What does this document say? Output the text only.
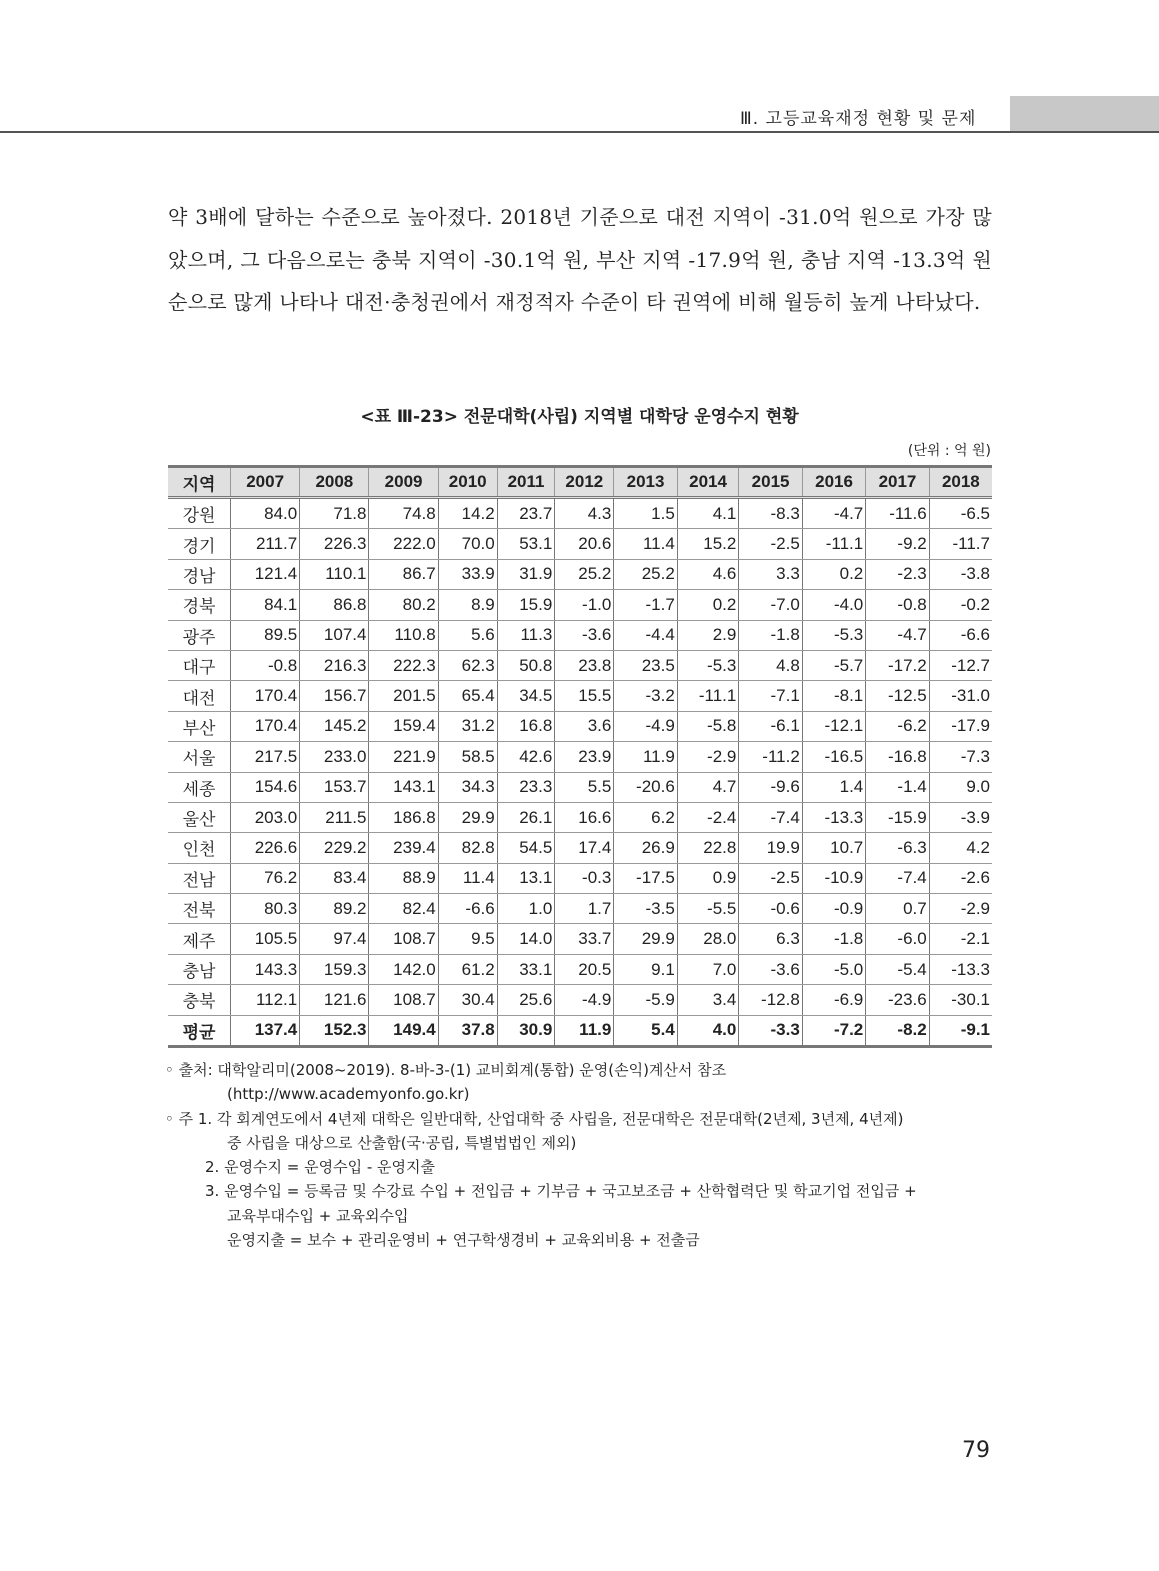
Ⅲ. 고등교육재정 현황 및 문제
약 3배에 달하는 수준으로 높아졌다. 2018년 기준으로 대전 지역이 -31.0억 원으로 가장 많았으며, 그 다음으로는 충북 지역이 -30.1억 원, 부산 지역 -17.9억 원, 충남 지역 -13.3억 원 순으로 많게 나타나 대전·충청권에서 재정적자 수준이 타 권역에 비해 월등히 높게 나타났다.
<표 Ⅲ-23> 전문대학(사립) 지역별 대학당 운영수지 현황
(단위 : 억 원)
지역	2007	2008	2009	2010	2011	2012	2013	2014	2015	2016	2017	2018
강원	84.0	71.8	74.8	14.2	23.7	4.3	1.5	4.1	-8.3	-4.7	-11.6	-6.5
경기	211.7	226.3	222.0	70.0	53.1	20.6	11.4	15.2	-2.5	-11.1	-9.2	-11.7
경남	121.4	110.1	86.7	33.9	31.9	25.2	25.2	4.6	3.3	0.2	-2.3	-3.8
경북	84.1	86.8	80.2	8.9	15.9	-1.0	-1.7	0.2	-7.0	-4.0	-0.8	-0.2
광주	89.5	107.4	110.8	5.6	11.3	-3.6	-4.4	2.9	-1.8	-5.3	-4.7	-6.6
대구	-0.8	216.3	222.3	62.3	50.8	23.8	23.5	-5.3	4.8	-5.7	-17.2	-12.7
대전	170.4	156.7	201.5	65.4	34.5	15.5	-3.2	-11.1	-7.1	-8.1	-12.5	-31.0
부산	170.4	145.2	159.4	31.2	16.8	3.6	-4.9	-5.8	-6.1	-12.1	-6.2	-17.9
서울	217.5	233.0	221.9	58.5	42.6	23.9	11.9	-2.9	-11.2	-16.5	-16.8	-7.3
세종	154.6	153.7	143.1	34.3	23.3	5.5	-20.6	4.7	-9.6	1.4	-1.4	9.0
울산	203.0	211.5	186.8	29.9	26.1	16.6	6.2	-2.4	-7.4	-13.3	-15.9	-3.9
인천	226.6	229.2	239.4	82.8	54.5	17.4	26.9	22.8	19.9	10.7	-6.3	4.2
전남	76.2	83.4	88.9	11.4	13.1	-0.3	-17.5	0.9	-2.5	-10.9	-7.4	-2.6
전북	80.3	89.2	82.4	-6.6	1.0	1.7	-3.5	-5.5	-0.6	-0.9	0.7	-2.9
제주	105.5	97.4	108.7	9.5	14.0	33.7	29.9	28.0	6.3	-1.8	-6.0	-2.1
충남	143.3	159.3	142.0	61.2	33.1	20.5	9.1	7.0	-3.6	-5.0	-5.4	-13.3
충북	112.1	121.6	108.7	30.4	25.6	-4.9	-5.9	3.4	-12.8	-6.9	-23.6	-30.1
평균	137.4	152.3	149.4	37.8	30.9	11.9	5.4	4.0	-3.3	-7.2	-8.2	-9.1
◦ 출처: 대학알리미(2008~2019). 8-바-3-(1) 교비회계(통합) 운영(손익)계산서 참조
(http://www.academyonfo.go.kr)
◦ 주 1. 각 회계연도에서 4년제 대학은 일반대학, 산업대학 중 사립을, 전문대학은 전문대학(2년제, 3년제, 4년제)
중 사립을 대상으로 산출함(국·공립, 특별법법인 제외)
2. 운영수지 = 운영수입 - 운영지출
3. 운영수입 = 등록금 및 수강료 수입 + 전입금 + 기부금 + 국고보조금 + 산학협력단 및 학교기업 전입금 +
교육부대수입 + 교육외수입
운영지출 = 보수 + 관리운영비 + 연구학생경비 + 교육외비용 + 전출금
79
